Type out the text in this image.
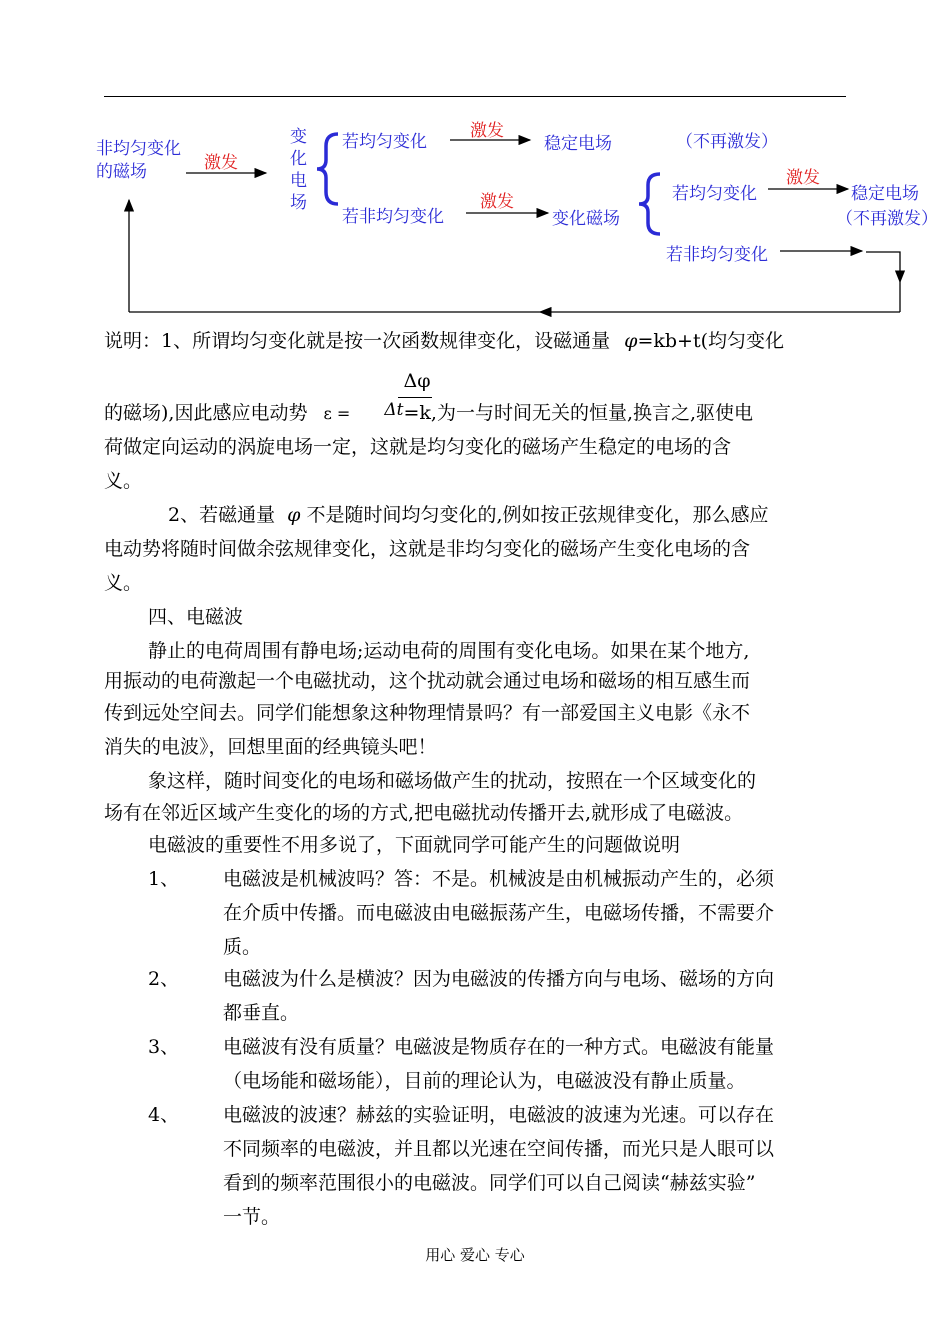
非均匀变化
的磁场	激发
变
化
电
场
若均匀变化
激发
稳定电场	（不再激发）
若非均匀变化
激发
变化磁场
若均匀变化
激发
稳定电场
（不再激发）
若非均匀变化
说明：1、所谓均匀变化就是按一次函数规律变化，设磁通量 φ=kb+t(均匀变化
Δφ
的磁场),因此感应电动势 ε = Δt=k,为一与时间无关的恒量,换言之,驱使电
荷做定向运动的涡旋电场一定，这就是均匀变化的磁场产生稳定的电场的含
义。
2、若磁通量 φ 不是随时间均匀变化的,例如按正弦规律变化，那么感应
电动势将随时间做余弦规律变化，这就是非均匀变化的磁场产生变化电场的含
义。
四、电磁波
静止的电荷周围有静电场;运动电荷的周围有变化电场。如果在某个地方,
用振动的电荷激起一个电磁扰动，这个扰动就会通过电场和磁场的相互感生而
传到远处空间去。同学们能想象这种物理情景吗？有一部爱国主义电影《永不
消失的电波》，回想里面的经典镜头吧！
象这样，随时间变化的电场和磁场做产生的扰动，按照在一个区域变化的
场有在邻近区域产生变化的场的方式,把电磁扰动传播开去,就形成了电磁波。
电磁波的重要性不用多说了，下面就同学可能产生的问题做说明
1、 电磁波是机械波吗？答：不是。机械波是由机械振动产生的，必须
在介质中传播。而电磁波由电磁振荡产生，电磁场传播，不需要介
质。
2、 电磁波为什么是横波？因为电磁波的传播方向与电场、磁场的方向
都垂直。
3、 电磁波有没有质量？电磁波是物质存在的一种方式。电磁波有能量
（电场能和磁场能），目前的理论认为，电磁波没有静止质量。
4、 电磁波的波速？赫兹的实验证明，电磁波的波速为光速。可以存在
不同频率的电磁波，并且都以光速在空间传播，而光只是人眼可以
看到的频率范围很小的电磁波。同学们可以自己阅读“赫兹实验”
一节。
用心 爱心 专心
